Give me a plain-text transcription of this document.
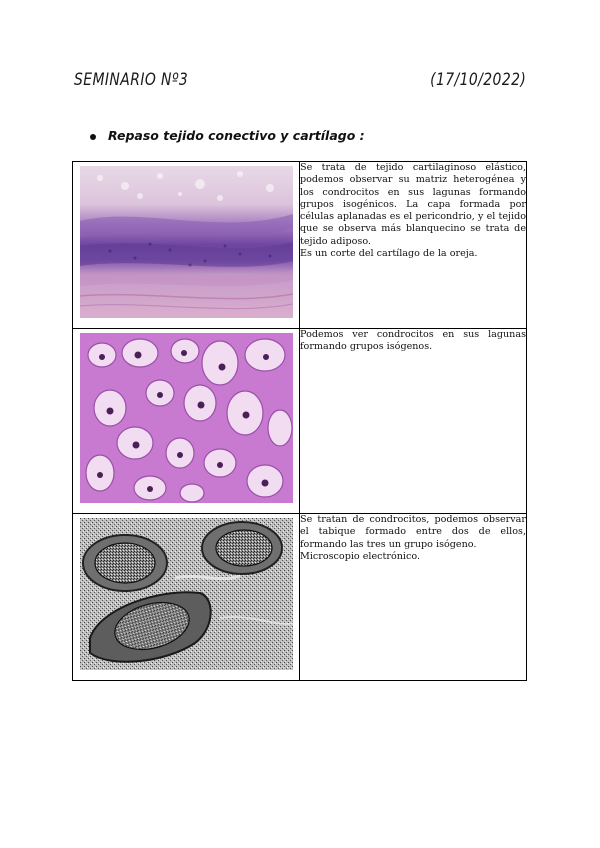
SEMINARIO Nº3	(17/10/2022)
Repaso tejido conectivo y cartílago :

Se trata de tejido cartilaginoso elástico, podemos observar su matriz heterogénea y los condrocitos en sus lagunas formando grupos isogénicos. La capa formada por células aplanadas es el pericondrio, y el tejido que se observa más blanquecino se trata de tejido adiposo.
Es un corte del cartílago de la oreja.

Podemos ver condrocitos en sus lagunas formando grupos isógenos.

Se tratan de condrocitos, podemos observar el tabique formado entre dos de ellos, formando las tres un grupo isógeno.
Microscopio electrónico.
